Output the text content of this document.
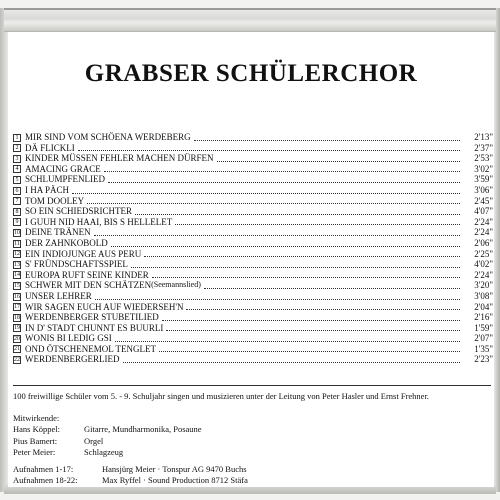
GRABSER SCHÜLERCHOR
1 MIR SIND VOM SCHÖENA WERDEBERG	2'13"
2 DÄ FLICKLI	2'37"
3 KINDER MÜSSEN FEHLER MACHEN DÜRFEN	2'53"
4 AMACING GRACE	3'02"
5 SCHLUMPFENLIED	3'59"
6 I HA PÄCH	3'06"
7 TOM DOOLEY	2'45"
8 SO EIN SCHIEDSRICHTER	4'07"
9 I GUUH NID HAAI, BIS S HELLELET	2'24"
10 DEINE TRÄNEN	2'24"
11 DER ZAHNKOBOLD	2'06"
12 EIN INDIOJUNGE AUS PERU	2'25"
13 S' FRÜNDSCHAFTSSPIEL	4'02"
14 EUROPA RUFT SEINE KINDER	2'24"
15 SCHWER MIT DEN SCHÄTZEN (Seemannslied)	3'20"
16 UNSER LEHRER	3'08"
17 WIR SAGEN EUCH AUF WIEDERSEH'N	2'04"
18 WERDENBERGER STUBETILIED	2'16"
19 IN D' STADT CHUNNT ES BUURLI	1'59"
20 WONIS BI LEDIG GSI	2'07"
21 OND ÖTSCHENEMOL TENGLET	1'35"
22 WERDENBERGERLIED	2'23"

100 freiwillige Schüler vom 5. - 9. Schuljahr singen und musizieren unter der Leitung von Peter Hasler und Ernst Frehner.

Mitwirkende:

Hans Köppel:	Gitarre, Mundharmonika, Posaune
Pius Bamert:	Orgel
Peter Meier:	Schlagzeug
Aufnahmen 1-17:	Hansjürg Meier · Tonspur AG 9470 Buchs
Aufnahmen 18-22:	Max Ryffel · Sound Production 8712 Stäfa
